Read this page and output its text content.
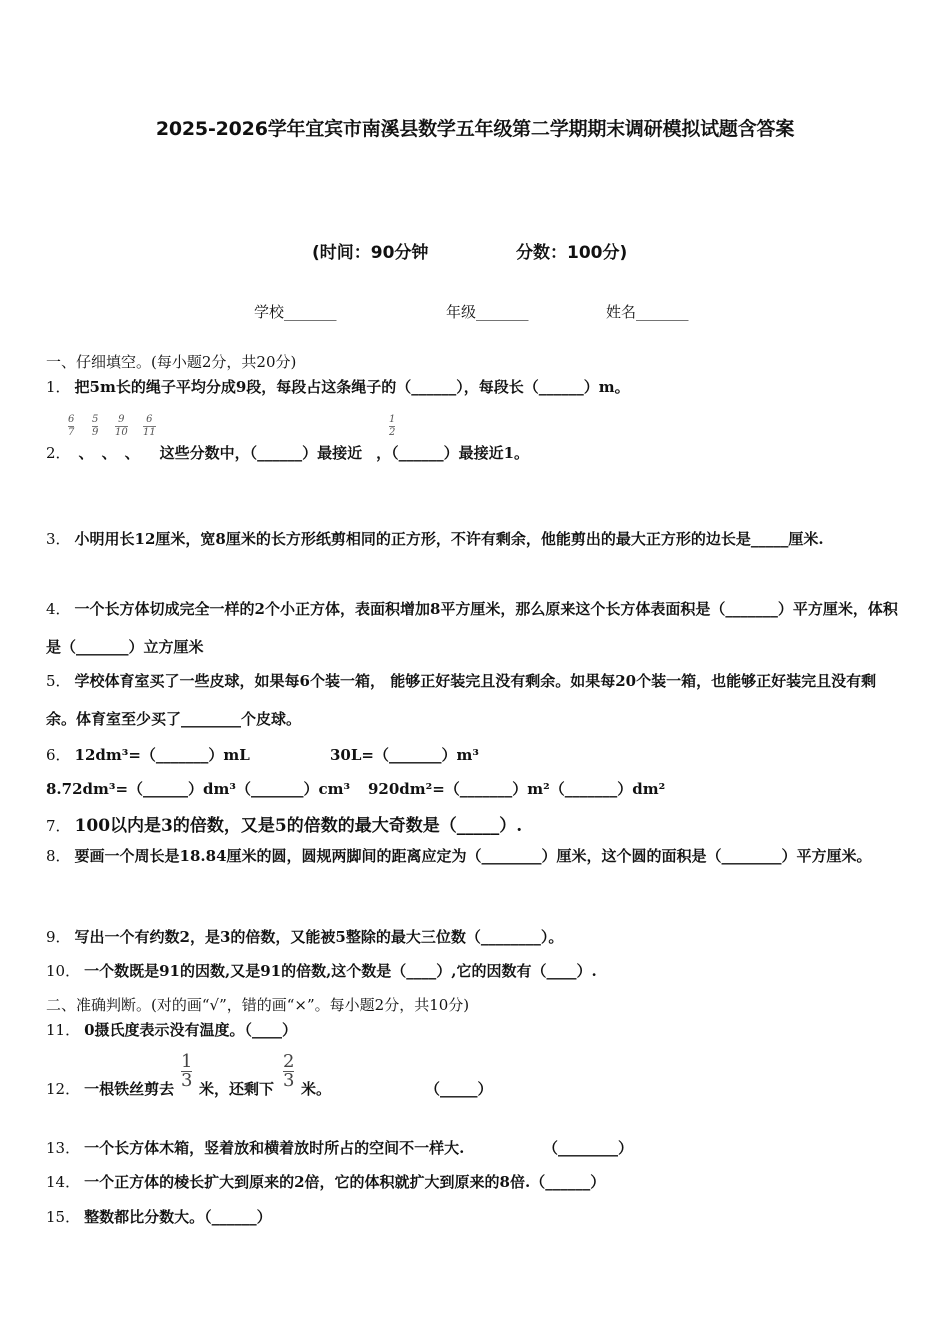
2025-2026学年宜宾市南溪县数学五年级第二学期期末调研模拟试题含答案
(时间：90分钟	分数：100分)
学校_______	年级_______	姓名_______
一、仔细填空。(每小题2分，共20分)
1． 把5m长的绳子平均分成9段，每段占这条绳子的（______），每段长（______）m。
$\frac{6}{7} \frac{5}{9} \frac{9}{10} \frac{6}{11}$	$\frac{1}{2}$
2． 、 、 、 这些分数中，（______）最接近 ，（______）最接近1。
3． 小明用长12厘米，宽8厘米的长方形纸剪相同的正方形，不许有剩余，他能剪出的最大正方形的边长是_____厘米.
4． 一个长方体切成完全一样的2个小正方体，表面积增加8平方厘米，那么原来这个长方体表面积是（_______）平方厘米，体积是（_______）立方厘米
5． 学校体育室买了一些皮球，如果每6个装一箱， 能够正好装完且没有剩余。如果每20个装一箱，也能够正好装完且没有剩余。体育室至少买了________个皮球。
6． 12dm³=（_______）mL	30L=（_______）m³
8.72dm³=（______）dm³（_______）cm³ 920dm²=（_______）m²（_______）dm²
7． 100以内是3的倍数，又是5的倍数的最大奇数是（_____）.
8． 要画一个周长是18.84厘米的圆，圆规两脚间的距离应定为（________）厘米，这个圆的面积是（________）平方厘米。
9． 写出一个有约数2，是3的倍数，又能被5整除的最大三位数（________）。
10． 一个数既是91的因数,又是91的倍数,这个数是（____）,它的因数有（____）.
二、准确判断。(对的画“√”，错的画“×”。每小题2分，共10分)
11． 0摄氏度表示没有温度。（____）
12． 一根铁丝剪去 $\frac{1}{3}$ 米，还剩下 $\frac{2}{3}$ 米。	（_____）
13． 一个长方体木箱，竖着放和横着放时所占的空间不一样大.	（________）
14． 一个正方体的棱长扩大到原来的2倍，它的体积就扩大到原来的8倍.（______）
15． 整数都比分数大。（______）
